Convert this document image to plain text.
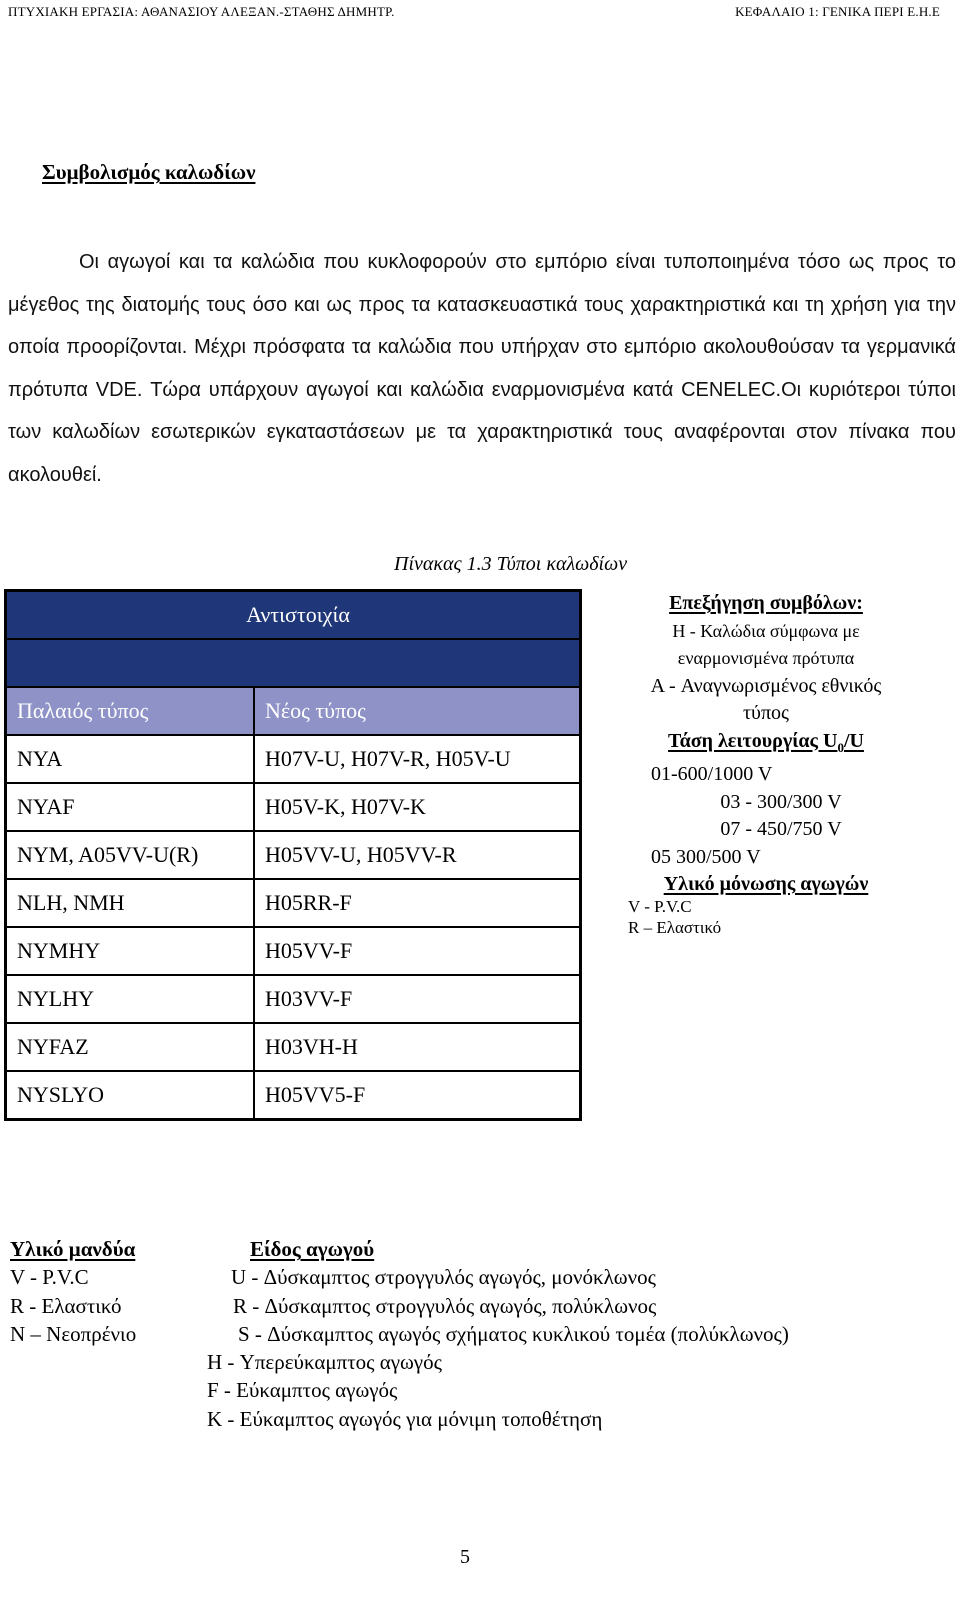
ΠΤΥΧΙΑΚΗ ΕΡΓΑΣΙΑ: ΑΘΑΝΑΣΙΟΥ ΑΛΕΞΑΝ.-ΣΤΑΘΗΣ ΔΗΜΗΤΡ.	ΚΕΦΑΛΑΙΟ 1: ΓΕΝΙΚΑ ΠΕΡΙ Ε.Η.Ε
Συμβολισμός καλωδίων

Οι αγωγοί και τα καλώδια που κυκλοφορούν στο εμπόριο είναι τυποποιημένα τόσο ως προς το μέγεθος της διατομής τους όσο και ως προς τα κατασκευαστικά τους χαρακτηριστικά και τη χρήση για την οποία προορίζονται. Μέχρι πρόσφατα τα καλώδια που υπήρχαν στο εμπόριο ακολουθούσαν τα γερμανικά πρότυπα VDE. Τώρα υπάρχουν αγωγοί και καλώδια εναρμονισμένα κατά CENELEC.Οι κυριότεροι τύποι των καλωδίων εσωτερικών εγκαταστάσεων με τα χαρακτηριστικά τους αναφέρονται στον πίνακα που ακολουθεί.

Πίνακας 1.3 Τύποι καλωδίων
Αντιστοιχία	

Παλαιός τύπος	Νέος τύπος
NYA	H07V-U, H07V-R, H05V-U
NYAF	H05V-K, H07V-K
NYM, A05VV-U(R)	H05VV-U, H05VV-R
NLH, NMH	H05RR-F
NYMHY	H05VV-F
NYLHY	H03VV-F
NYFAZ	H03VH-H
NYSLYO	H05VV5-F
Επεξήγηση συμβόλων:
H - Καλώδια σύμφωνα με
εναρμονισμένα πρότυπα
A - Αναγνωρισμένος εθνικός
τύπος
Τάση λειτουργίας $U_0/U$
01-600/1000 V
03 - 300/300 V
07 - 450/750 V
05 300/500 V
Υλικό μόνωσης αγωγών
V - P.V.C
R – Ελαστικό
Υλικό μανδύα
V - P.V.C
R - Ελαστικό
N – Νεοπρένιο
Είδος αγωγού
U - Δύσκαμπτος στρογγυλός αγωγός, μονόκλωνος
R - Δύσκαμπτος στρογγυλός αγωγός, πολύκλωνος
S - Δύσκαμπτος αγωγός σχήματος κυκλικού τομέα (πολύκλωνος)
H - Υπερεύκαμπτος αγωγός
F - Εύκαμπτος αγωγός
K - Εύκαμπτος αγωγός για μόνιμη τοποθέτηση
5
